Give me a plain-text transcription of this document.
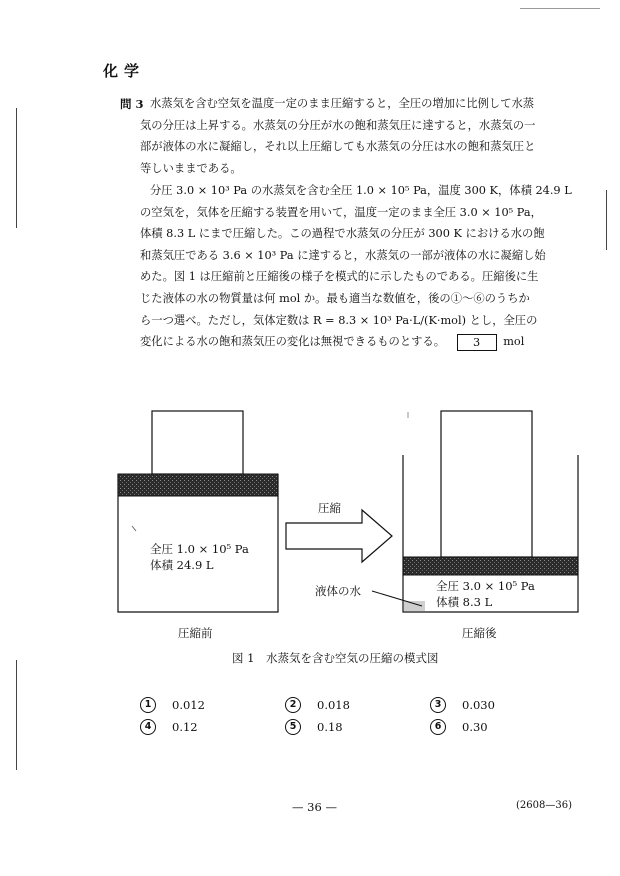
化学
問 3 水蒸気を含む空気を温度一定のまま圧縮すると，全圧の増加に比例して水蒸
気の分圧は上昇する。水蒸気の分圧が水の飽和蒸気圧に達すると，水蒸気の一
部が液体の水に凝縮し，それ以上圧縮しても水蒸気の分圧は水の飽和蒸気圧と
等しいままである。
分圧 3.0 × 10³ Pa の水蒸気を含む全圧 1.0 × 10⁵ Pa，温度 300 K，体積 24.9 L
の空気を，気体を圧縮する装置を用いて，温度一定のまま全圧 3.0 × 10⁵ Pa，
体積 8.3 L にまで圧縮した。この過程で水蒸気の分圧が 300 K における水の飽
和蒸気圧である 3.6 × 10³ Pa に達すると，水蒸気の一部が液体の水に凝縮し始
めた。図 1 は圧縮前と圧縮後の様子を模式的に示したものである。圧縮後に生
じた液体の水の物質量は何 mol か。最も適当な数値を，後の①～⑥のうちか
ら一つ選べ。ただし，気体定数は R = 8.3 × 10³ Pa·L/(K·mol) とし，全圧の
変化による水の飽和蒸気圧の変化は無視できるものとする。 3 mol
全圧 1.0 × 10⁵ Pa
体積 24.9 L
圧縮前
圧縮
液体の水	全圧 3.0 × 10⁵ Pa
体積 8.3 L
圧縮後
図 1　水蒸気を含む空気の圧縮の模式図
1	0.012	2	0.018	3	0.030
4	0.12	5	0.18	6	0.30
— 36 —	(2608—36)
